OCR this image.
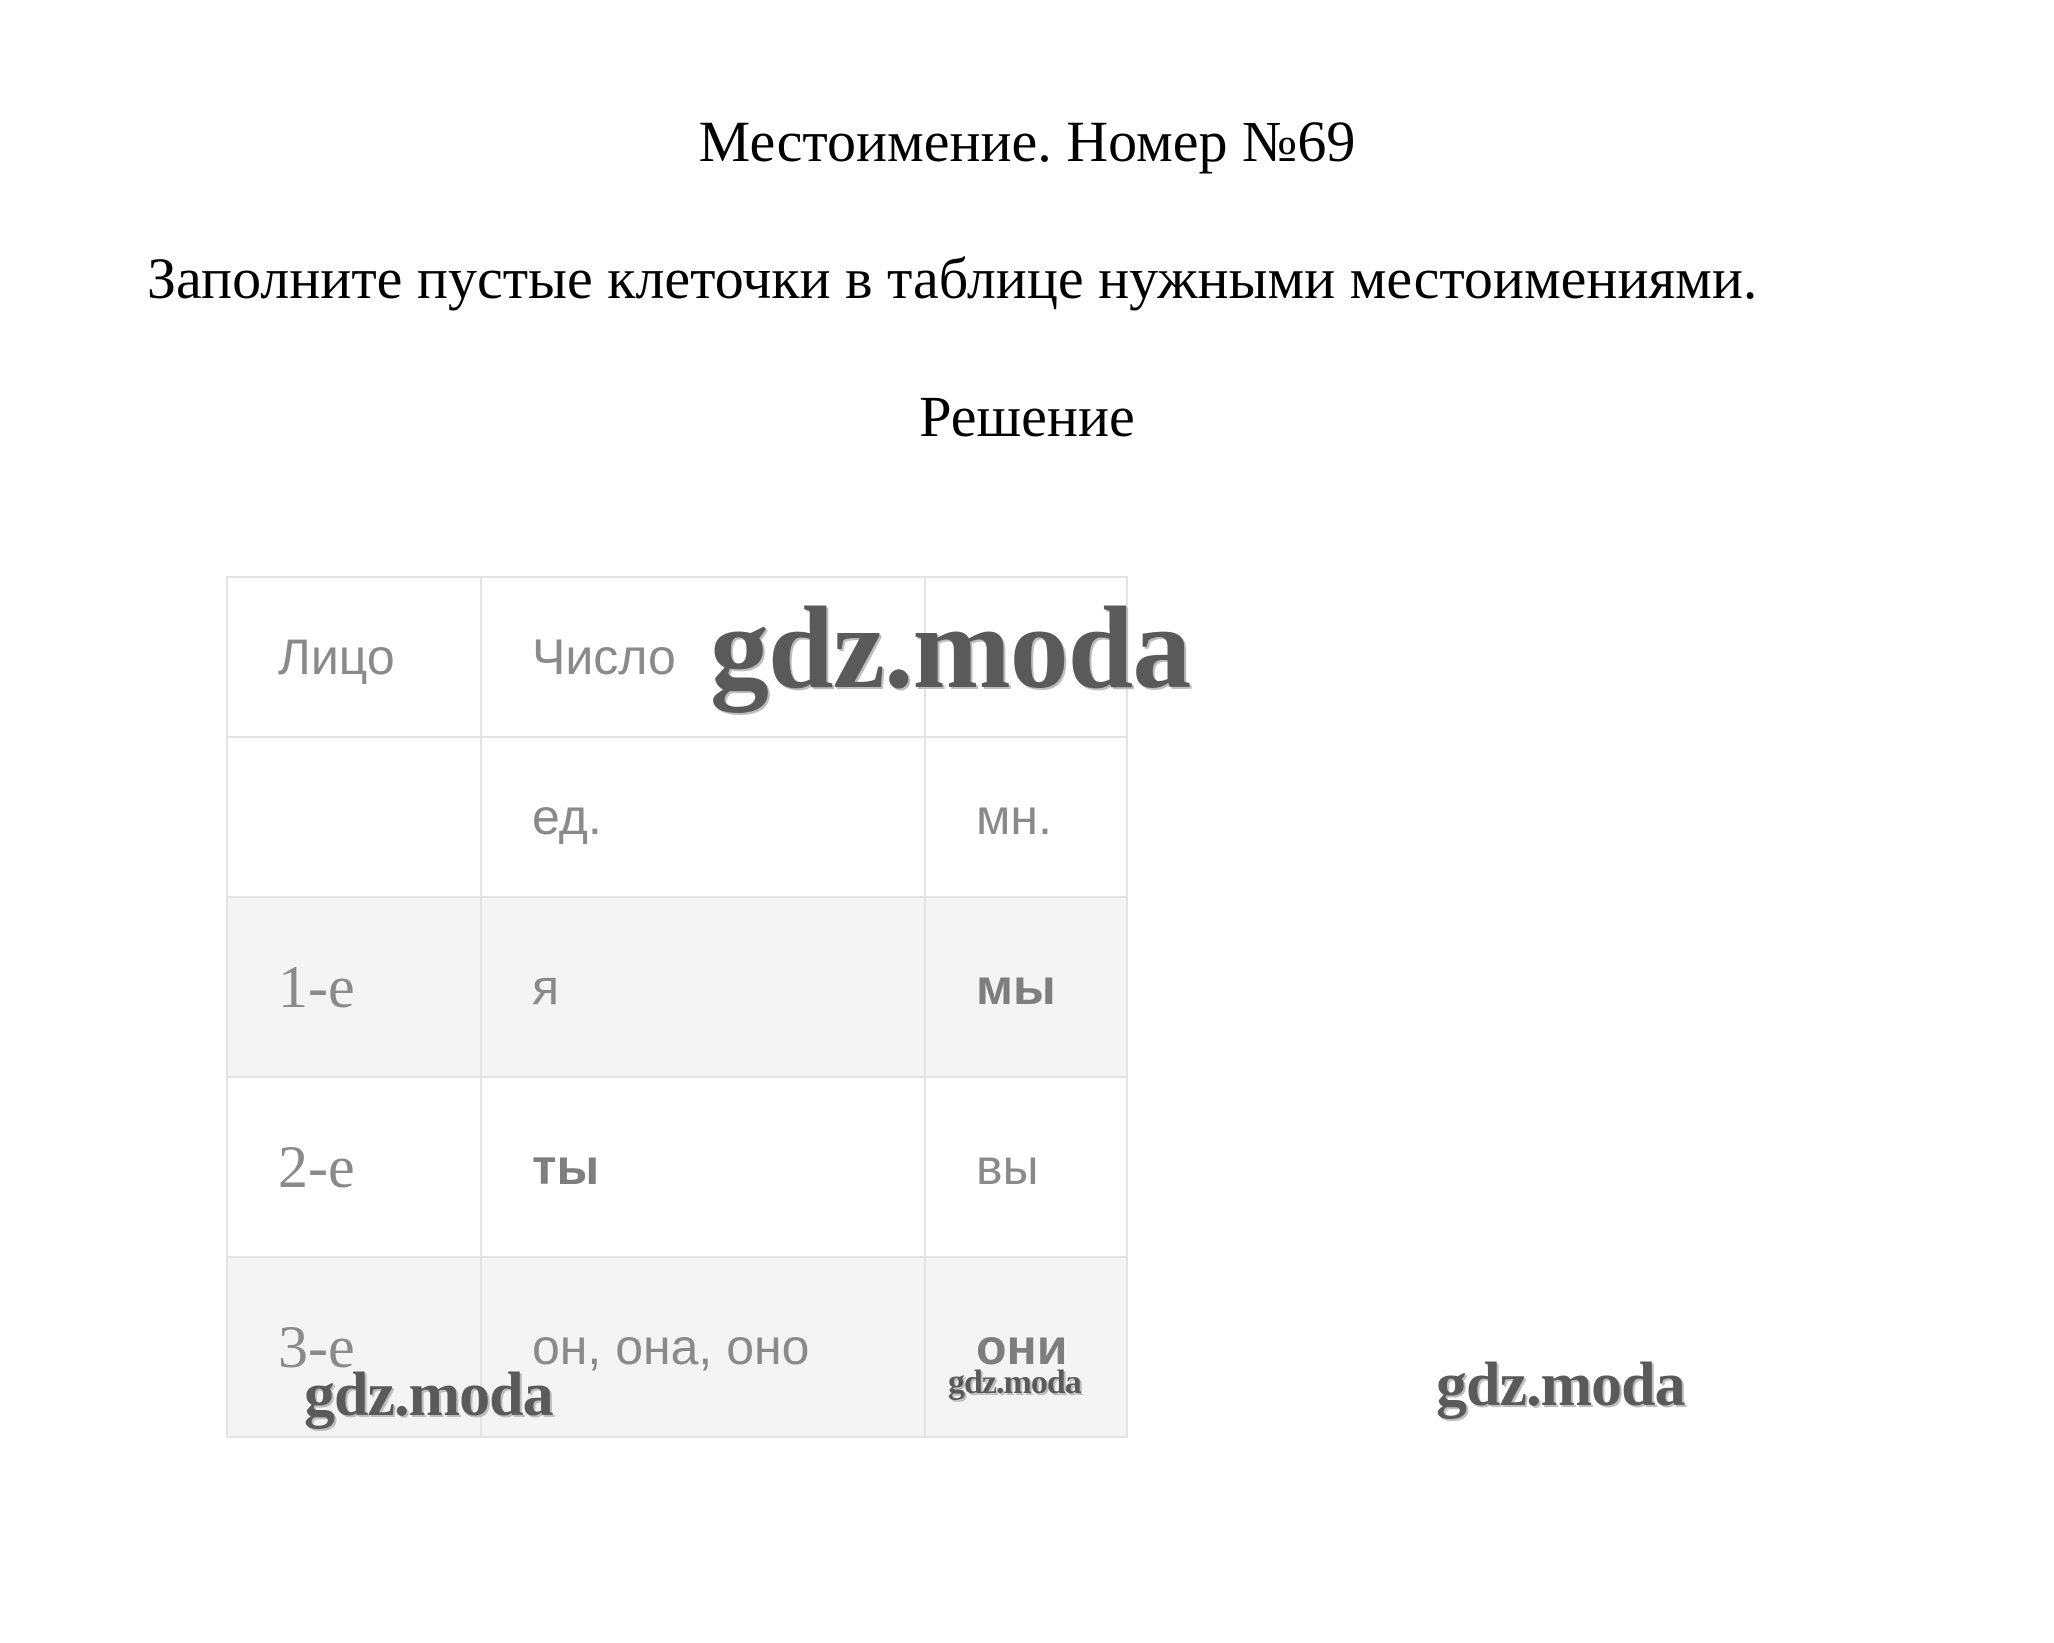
Местоимение. Номер №69
Заполните пустые клеточки в таблице нужными местоимениями.
Решение
Лицо	Число	
	ед.	мн.
1-е	я	мы
2-е	ты	вы
3-е	он, она, оно	они
gdz.moda
gdz.moda	gdz.moda	gdz.moda
